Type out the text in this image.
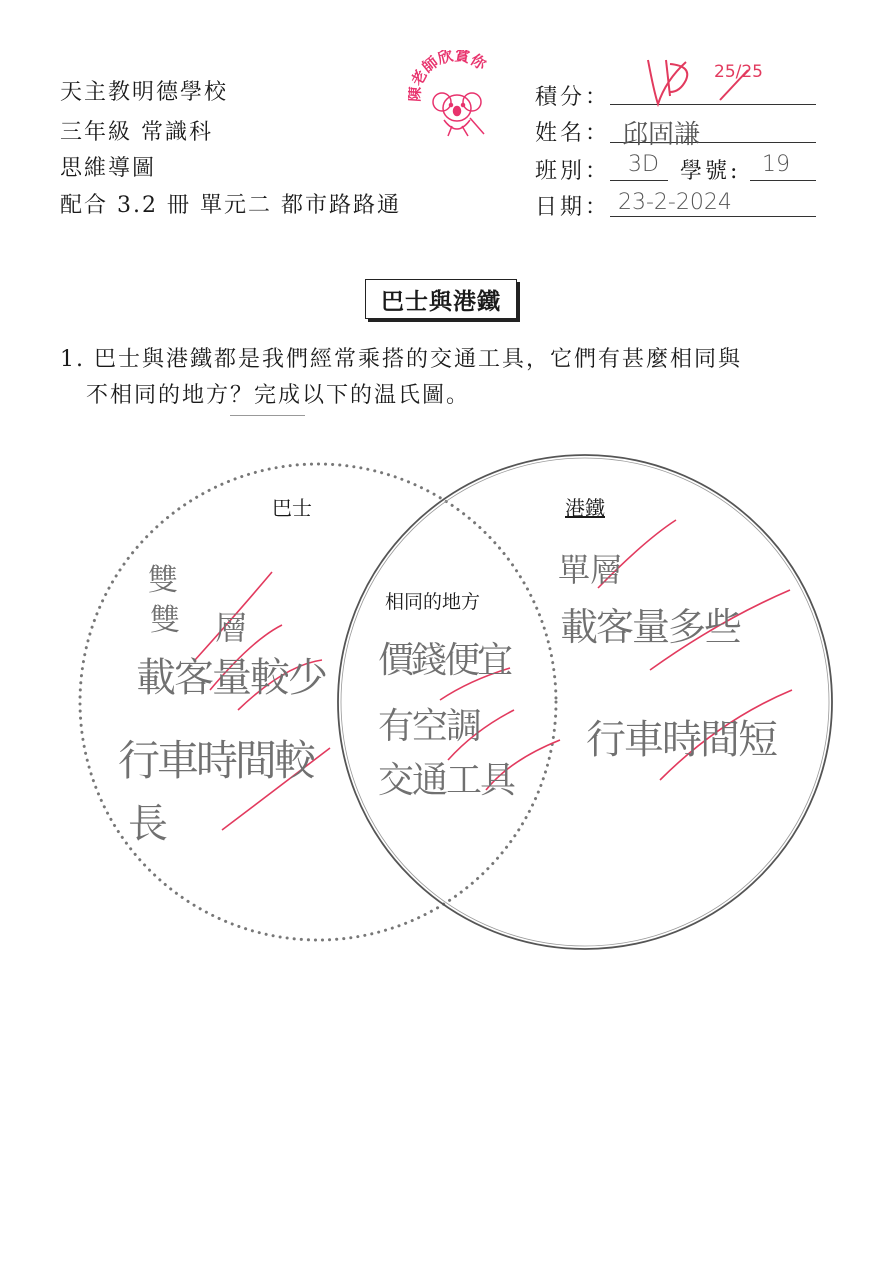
天主教明德學校
三年級 常識科
思維導圖
配合 3.2 冊 單元二 都市路路通
老師欣賞你
積分：
25/25
姓名： 邱固謙
班別： 3D 學號: 19
日期： 23-2-2024
巴士與港鐵
1. 巴士與港鐵都是我們經常乘搭的交通工具，它們有甚麼相同與
不相同的地方？完成以下的温氏圖。
巴士	港鐵
相同的地方
雙
雙 層
載客量較少
行車時間較
長
價錢便宜
有空調
交通工具
單層
載客量多些
行車時間短
